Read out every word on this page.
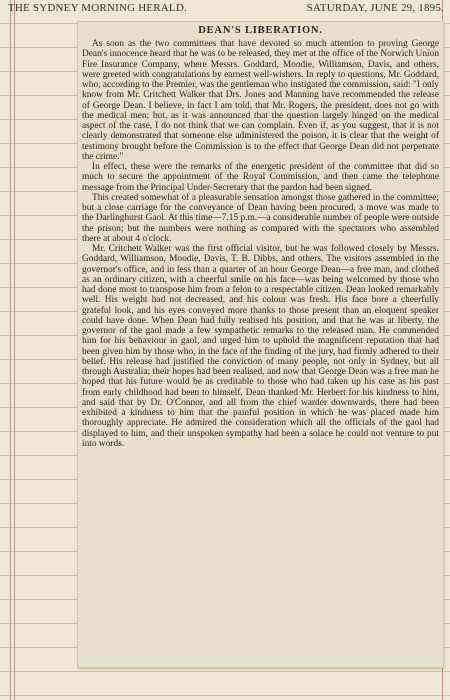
THE SYDNEY MORNING HERALD.	SATURDAY, JUNE 29, 1895.
DEAN'S LIBERATION.

As soon as the two committees that have devoted so much attention to proving George Dean's innocence heard that he was to be released, they met at the office of the Norwich Union Fire Insurance Company, where Messrs. Goddard, Moodie, Williamson, Davis, and others, were greeted with congratulations by earnest well-wishers. In reply to questions, Mr. Goddard, who, according to the Premier, was the gentleman who instigated the commission, said: "I only know from Mr. Critchett Walker that Drs. Jones and Manning have recommended the release of George Dean. I believe, in fact I am told, that Mr. Rogers, the president, does not go with the medical men; but, as it was announced that the question largely hinged on the medical aspect of the case, I do not think that we can complain. Even if, as you suggest, that it is not clearly demonstrated that someone else administered the poison, it is clear that the weight of testimony brought before the Commission is to the effect that George Dean did not perpetrate the crime."

In effect, these were the remarks of the energetic president of the committee that did so much to secure the appointment of the Royal Commission, and then came the telephone message from the Principal Under-Secretary that the pardon had been signed.

This created somewhat of a pleasurable sensation amongst those gathered in the committee; but a close carriage for the conveyance of Dean having been procured, a move was made to the Darlinghurst Gaol. At this time—7.15 p.m.—a considerable number of people were outside the prison; but the numbers were nothing as compared with the spectators who assembled there at about 4 o'clock.

Mr. Critchett Walker was the first official visitor, but he was followed closely by Messrs. Goddard, Williamson, Moodie, Davis, T. B. Dibbs, and others. The visitors assembled in the governor's office, and in less than a quarter of an hour George Dean—a free man, and clothed as an ordinary citizen, with a cheerful smile on his face—was being welcomed by those who had done most to transpose him from a felon to a respectable citizen. Dean looked remarkably well. His weight had not decreased, and his colour was fresh. His face bore a cheerfully grateful look, and his eyes conveyed more thanks to those present than an eloquent speaker could have done. When Dean had fully realised his position, and that he was at liberty, the governor of the gaol made a few sympathetic remarks to the released man. He commended him for his behaviour in gaol, and urged him to uphold the magnificent reputation that had been given him by those who, in the face of the finding of the jury, had firmly adhered to their belief. His release had justified the conviction of many people, not only in Sydney, but all through Australia; their hopes had been realised, and now that George Dean was a free man he hoped that his future would be as creditable to those who had taken up his case as his past from early childhood had been to himself. Dean thanked Mr. Herbert for his kindness to him, and said that by Dr. O'Connor, and all from the chief warder downwards, there had been exhibited a kindness to him that the painful position in which he was placed made him thoroughly appreciate. He admired the consideration which all the officials of the gaol had displayed to him, and their unspoken sympathy had been a solace he could not venture to put into words.
